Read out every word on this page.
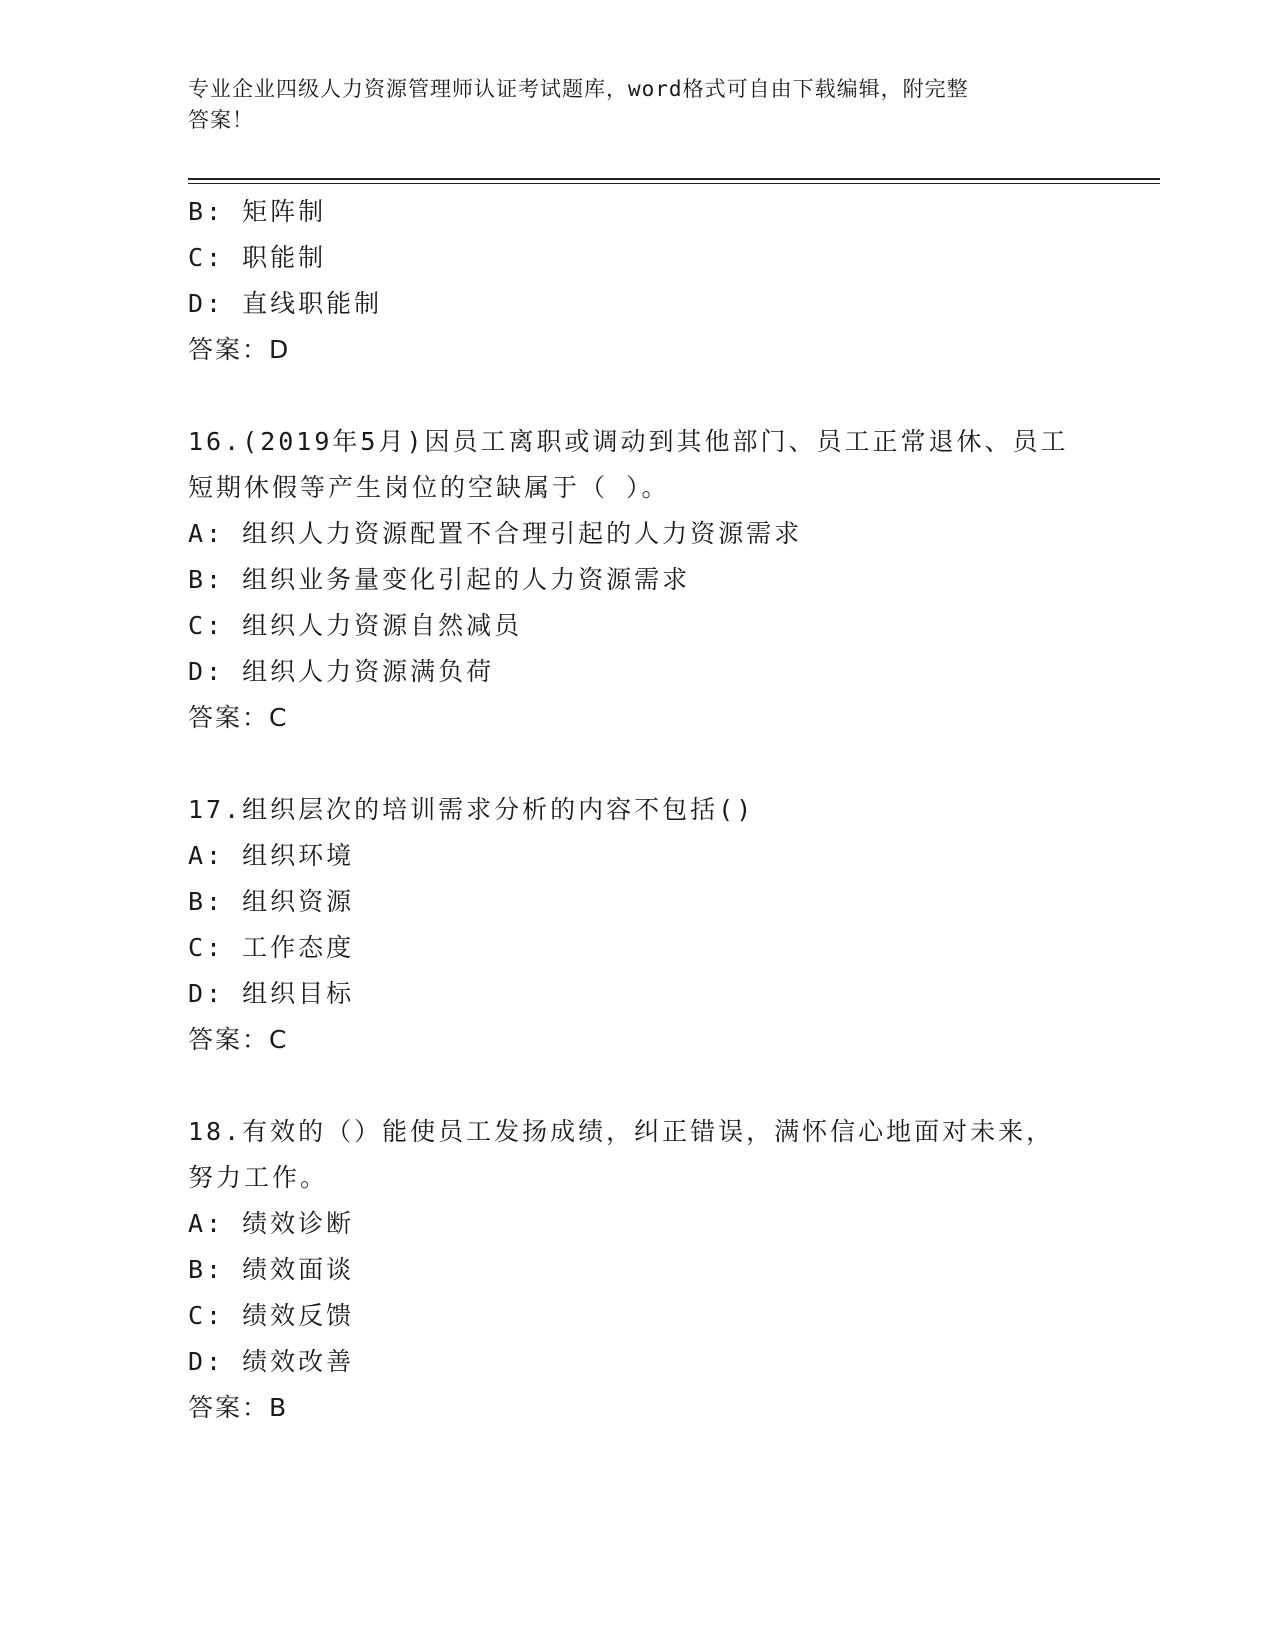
专业企业四级人力资源管理师认证考试题库，word格式可自由下载编辑，附完整
答案！
B: 矩阵制
C: 职能制
D: 直线职能制
答案：D
16.(2019年5月)因员工离职或调动到其他部门、员工正常退休、员工
短期休假等产生岗位的空缺属于（ ）。
A: 组织人力资源配置不合理引起的人力资源需求
B: 组织业务量变化引起的人力资源需求
C: 组织人力资源自然减员
D: 组织人力资源满负荷
答案：C
17.组织层次的培训需求分析的内容不包括()
A: 组织环境
B: 组织资源
C: 工作态度
D: 组织目标
答案：C
18.有效的（）能使员工发扬成绩，纠正错误，满怀信心地面对未来，
努力工作。
A: 绩效诊断
B: 绩效面谈
C: 绩效反馈
D: 绩效改善
答案：B
